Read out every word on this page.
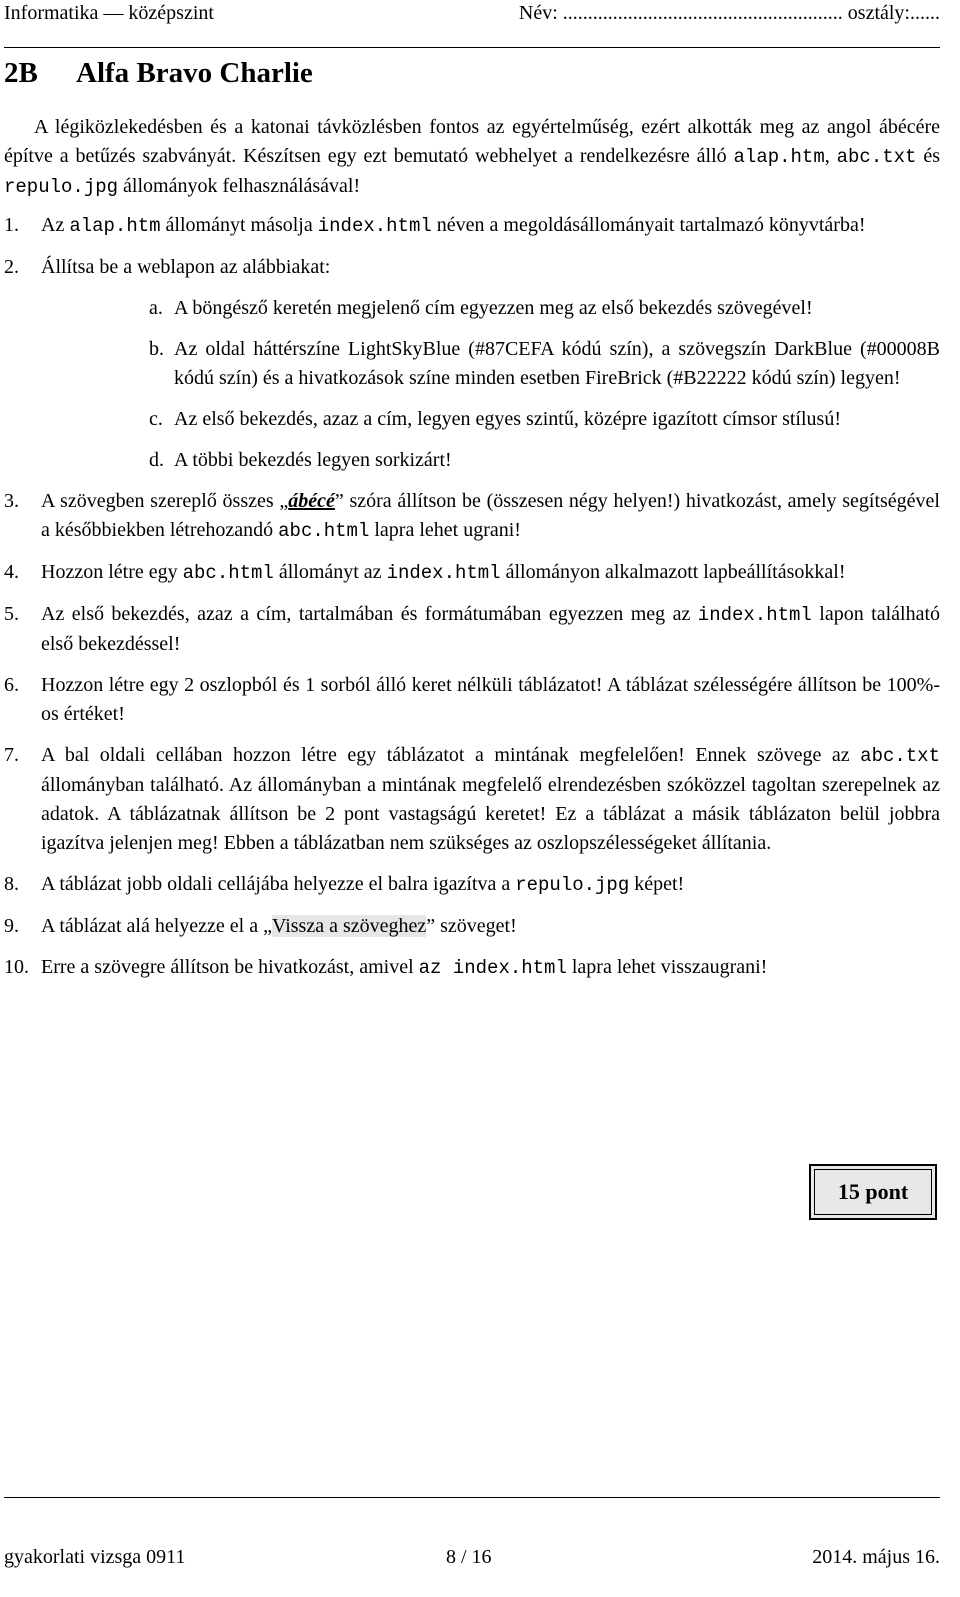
Informatika — középszint	Név: ........................................................ osztály:......
2B Alfa Bravo Charlie

A légiközlekedésben és a katonai távközlésben fontos az egyértelműség, ezért alkották meg az angol ábécére építve a betűzés szabványát. Készítsen egy ezt bemutató webhelyet a rendelkezésre álló alap.htm, abc.txt és repulo.jpg állományok felhasználásával!

1.	Az alap.htm állományt másolja index.html néven a megoldásállományait tartalmazó könyvtárba!
2.	Állítsa be a weblapon az alábbiakat:
a. A böngésző keretén megjelenő cím egyezzen meg az első bekezdés szövegével!
b. Az oldal háttérszíne LightSkyBlue (#87CEFA kódú szín), a szövegszín DarkBlue (#00008B kódú szín) és a hivatkozások színe minden esetben FireBrick (#B22222 kódú szín) legyen!
c. Az első bekezdés, azaz a cím, legyen egyes szintű, középre igazított címsor stílusú!
d. A többi bekezdés legyen sorkizárt!
3.	A szövegben szereplő összes „ábécé” szóra állítson be (összesen négy helyen!) hivatkozást, amely segítségével a későbbiekben létrehozandó abc.html lapra lehet ugrani!
4.	Hozzon létre egy abc.html állományt az index.html állományon alkalmazott lapbeállításokkal!
5.	Az első bekezdés, azaz a cím, tartalmában és formátumában egyezzen meg az index.html lapon található első bekezdéssel!
6.	Hozzon létre egy 2 oszlopból és 1 sorból álló keret nélküli táblázatot! A táblázat szélességére állítson be 100%-os értéket!
7.	A bal oldali cellában hozzon létre egy táblázatot a mintának megfelelően! Ennek szövege az abc.txt állományban található. Az állományban a mintának megfelelő elrendezésben szóközzel tagoltan szerepelnek az adatok. A táblázatnak állítson be 2 pont vastagságú keretet! Ez a táblázat a másik táblázaton belül jobbra igazítva jelenjen meg! Ebben a táblázatban nem szükséges az oszlopszélességeket állítania.
8.	A táblázat jobb oldali cellájába helyezze el balra igazítva a repulo.jpg képet!
9.	A táblázat alá helyezze el a „Vissza a szöveghez” szöveget!
10. Erre a szövegre állítson be hivatkozást, amivel az index.html lapra lehet visszaugrani!
15 pont
gyakorlati vizsga 0911	8 / 16	2014. május 16.
